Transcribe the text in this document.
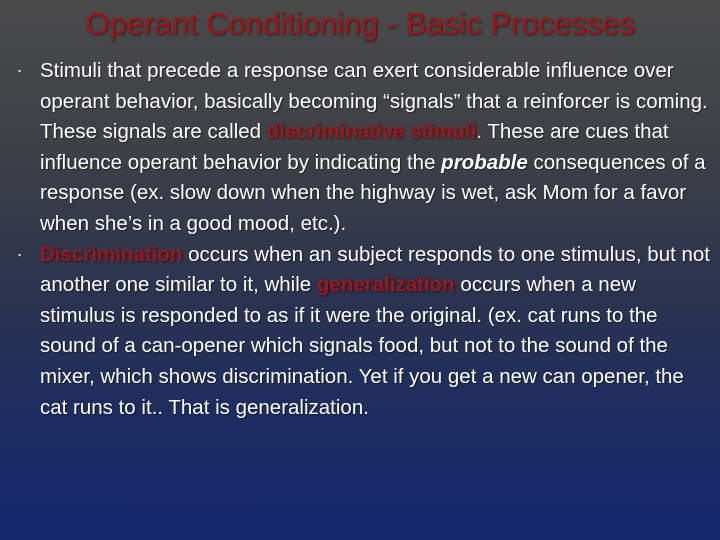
Operant Conditioning - Basic Processes
▪ Stimuli that precede a response can exert considerable influence over operant behavior, basically becoming “signals” that a reinforcer is coming. These signals are called discriminative stimuli. These are cues that influence operant behavior by indicating the probable consequences of a response (ex. slow down when the highway is wet, ask Mom for a favor when she’s in a good mood, etc.).
▪ Discrimination occurs when an subject responds to one stimulus, but not another one similar to it, while generalization occurs when a new stimulus is responded to as if it were the original. (ex. cat runs to the sound of a can-opener which signals food, but not to the sound of the mixer, which shows discrimination. Yet if you get a new can opener, the cat runs to it.. That is generalization.
